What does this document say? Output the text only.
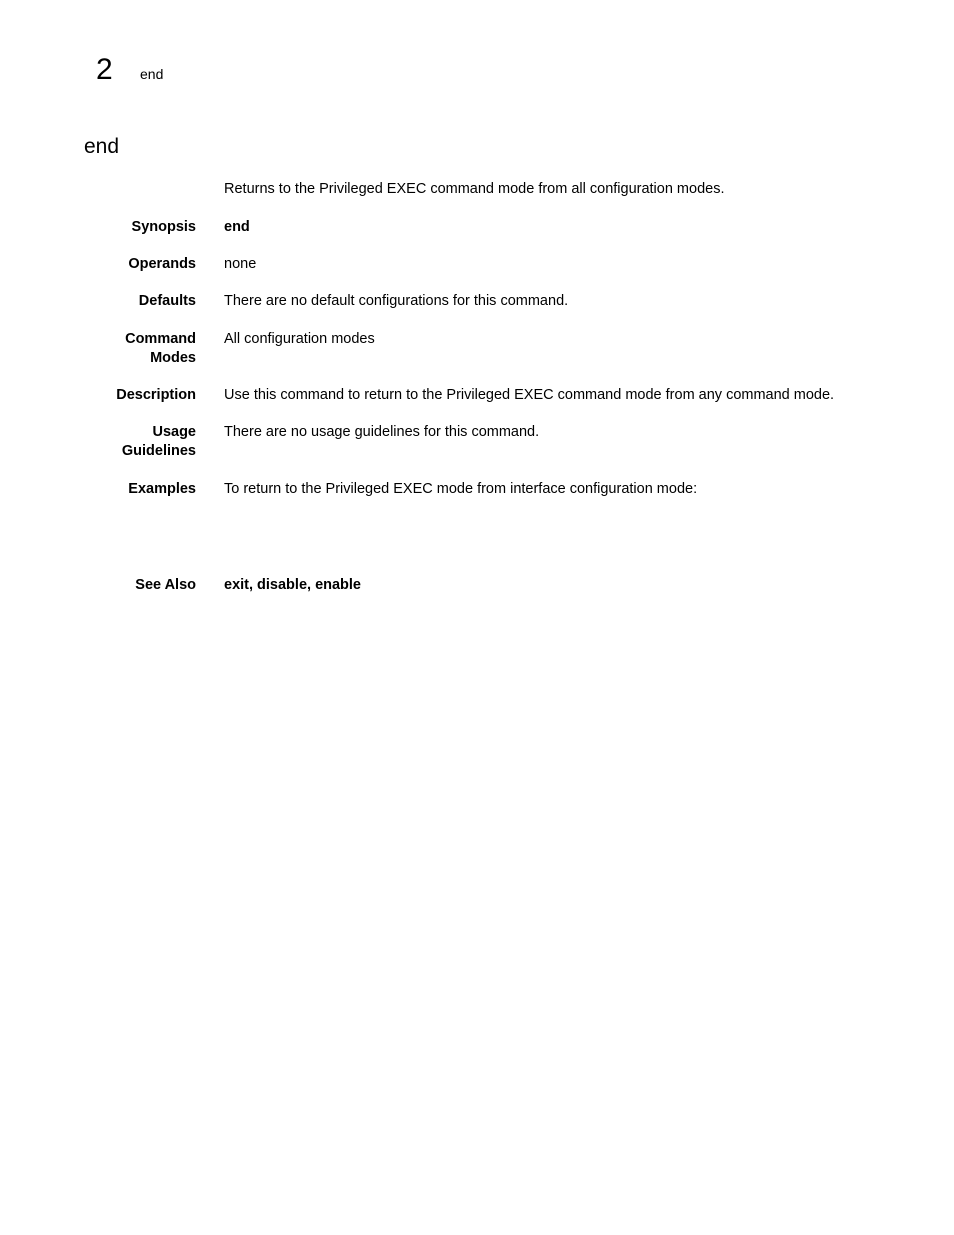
2 end
end
Returns to the Privileged EXEC command mode from all configuration modes.
Synopsis end
Operands none
Defaults There are no default configurations for this command.
Command
Modes
All configuration modes
Description Use this command to return to the Privileged EXEC command mode from any command mode.
Usage
Guidelines
There are no usage guidelines for this command.
Examples To return to the Privileged EXEC mode from interface configuration mode:
See Also exit, disable, enable
